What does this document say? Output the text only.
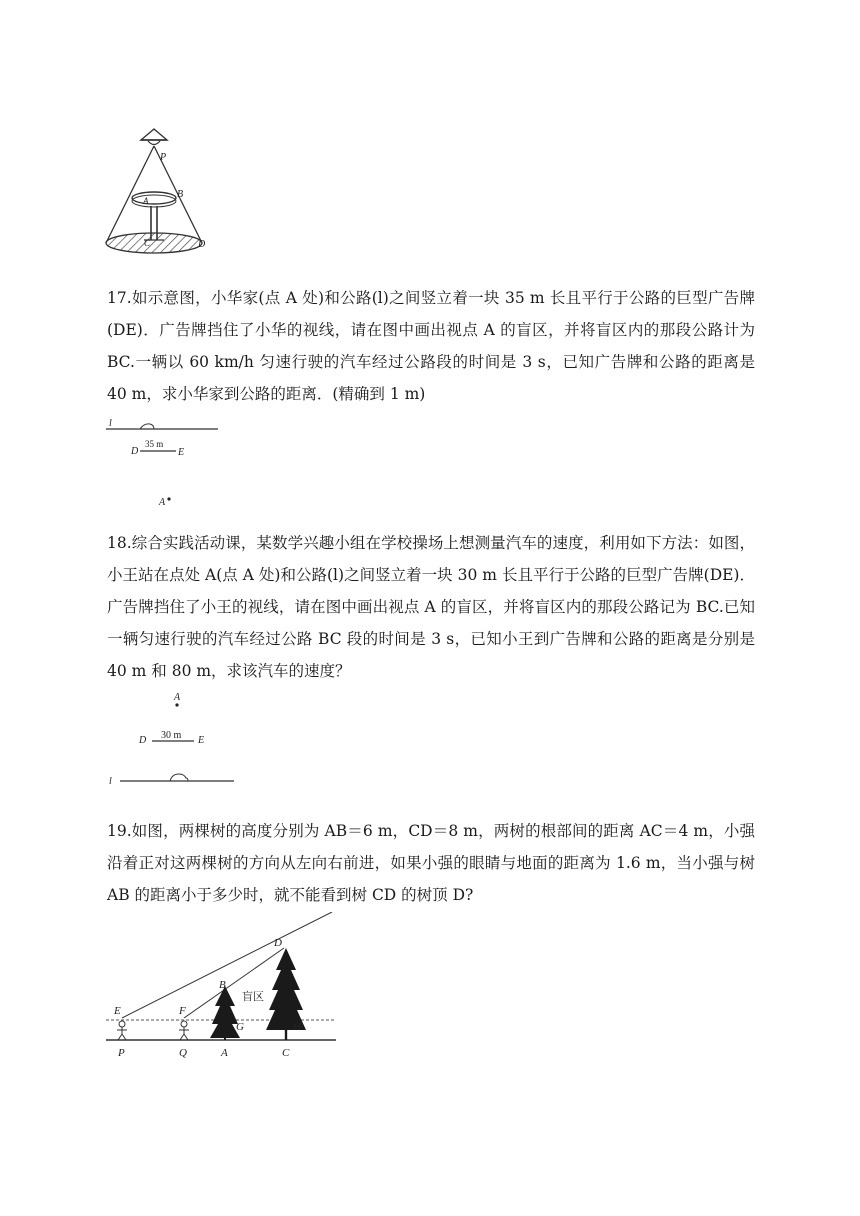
P
A
B
C	D

17.如示意图，小华家(点 A 处)和公路(l)之间竖立着一块 35 m 长且平行于公路的巨型广告牌(DE)．广告牌挡住了小华的视线，请在图中画出视点 A 的盲区，并将盲区内的那段公路计为 BC.一辆以 60 km/h 匀速行驶的汽车经过公路段的时间是 3 s，已知广告牌和公路的距离是 40 m，求小华家到公路的距离．(精确到 1 m)

l
D
35 m
E
A

18.综合实践活动课，某数学兴趣小组在学校操场上想测量汽车的速度，利用如下方法：如图，小王站在点处 A(点 A 处)和公路(l)之间竖立着一块 30 m 长且平行于公路的巨型广告牌(DE)．广告牌挡住了小王的视线，请在图中画出视点 A 的盲区，并将盲区内的那段公路记为 BC.已知一辆匀速行驶的汽车经过公路 BC 段的时间是 3 s，已知小王到广告牌和公路的距离是分别是 40 m 和 80 m，求该汽车的速度？

A
D 30 m E
l

19.如图，两棵树的高度分别为 AB＝6 m，CD＝8 m，两树的根部间的距离 AC＝4 m，小强沿着正对这两棵树的方向从左向右前进，如果小强的眼睛与地面的距离为 1.6 m，当小强与树 AB 的距离小于多少时，就不能看到树 CD 的树顶 D?

D
B
盲区
E	F
G	H
P	Q	A	C
